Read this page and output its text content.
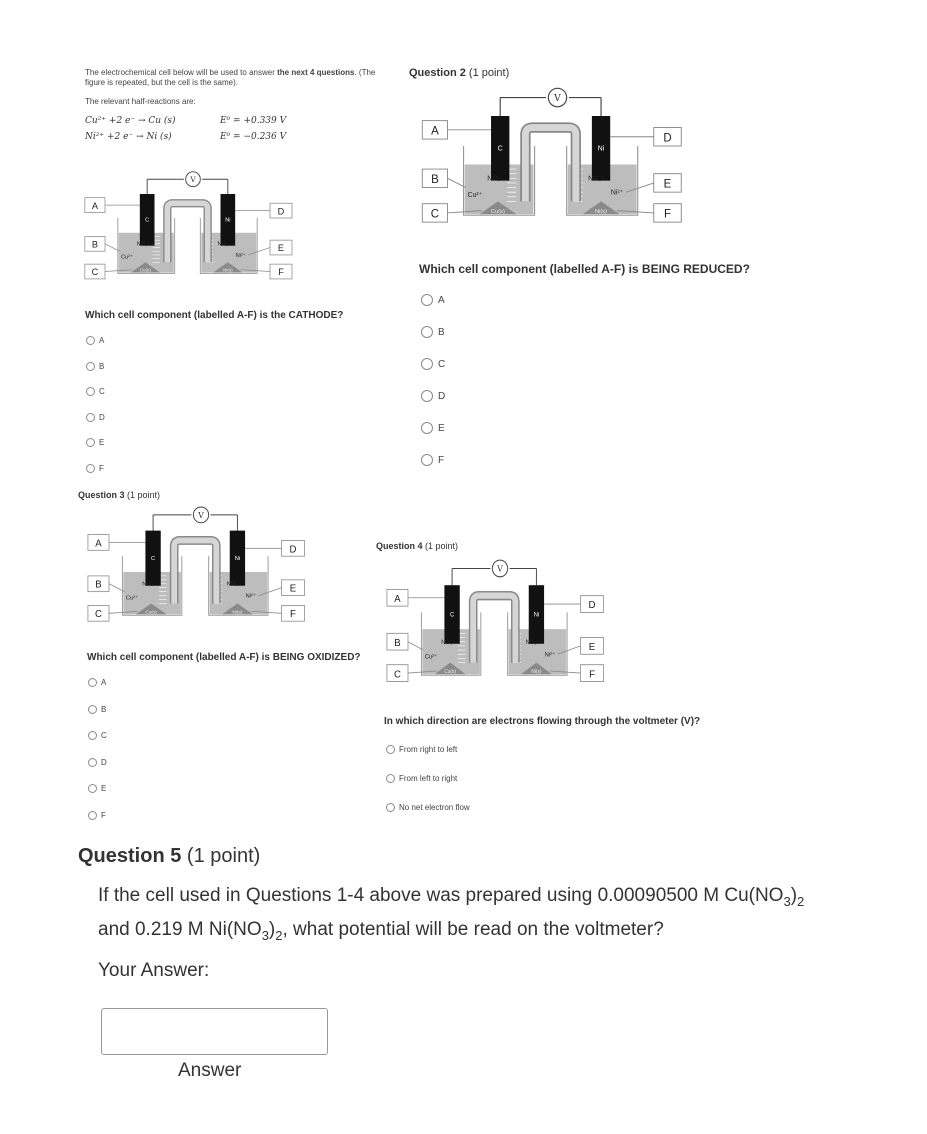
The electrochemical cell below will be used to answer the next 4 questions. (The
figure is repeated, but the cell is the same).
The relevant half-reactions are:
Cu²⁺ +2 e⁻ → Cu (s)	E⁰ = +0.339 V
Ni²⁺ +2 e⁻ → Ni (s)	E⁰ = −0.236 V
V
C	Ni
NO₃⁻	NO₃⁻
Cu²⁺	Ni²⁺
Cu(s)	Ni(s)
A
B
C
D
E
F
Which cell component (labelled A-F) is the CATHODE?
A
B
C
D
E
F
Question 2 (1 point)
V
C	Ni
NO₃⁻	NO₃⁻
Cu²⁺	Ni²⁺
Cu(s)	Ni(s)
A
B
C
D
E
F
Which cell component (labelled A-F) is BEING REDUCED?
A
B
C
D
E
F
Question 3 (1 point)
V
C	Ni
NO₃⁻	NO₃⁻
Cu²⁺	Ni²⁺
Cu(s)	Ni(s)
A
B
C
D
E
F
Which cell component (labelled A-F) is BEING OXIDIZED?
A
B
C
D
E
F
Question 4 (1 point)
V
C	Ni
NO₃⁻	NO₃⁻
Cu²⁺	Ni²⁺
Cu(s)	Ni(s)
A
B
C
D
E
F
In which direction are electrons flowing through the voltmeter (V)?
From right to left
From left to right
No net electron flow
Question 5 (1 point)
If the cell used in Questions 1-4 above was prepared using 0.00090500 M $Cu(NO_3)_2$
and 0.219 M $Ni(NO_3)_2$, what potential will be read on the voltmeter?
Your Answer:
Answer
